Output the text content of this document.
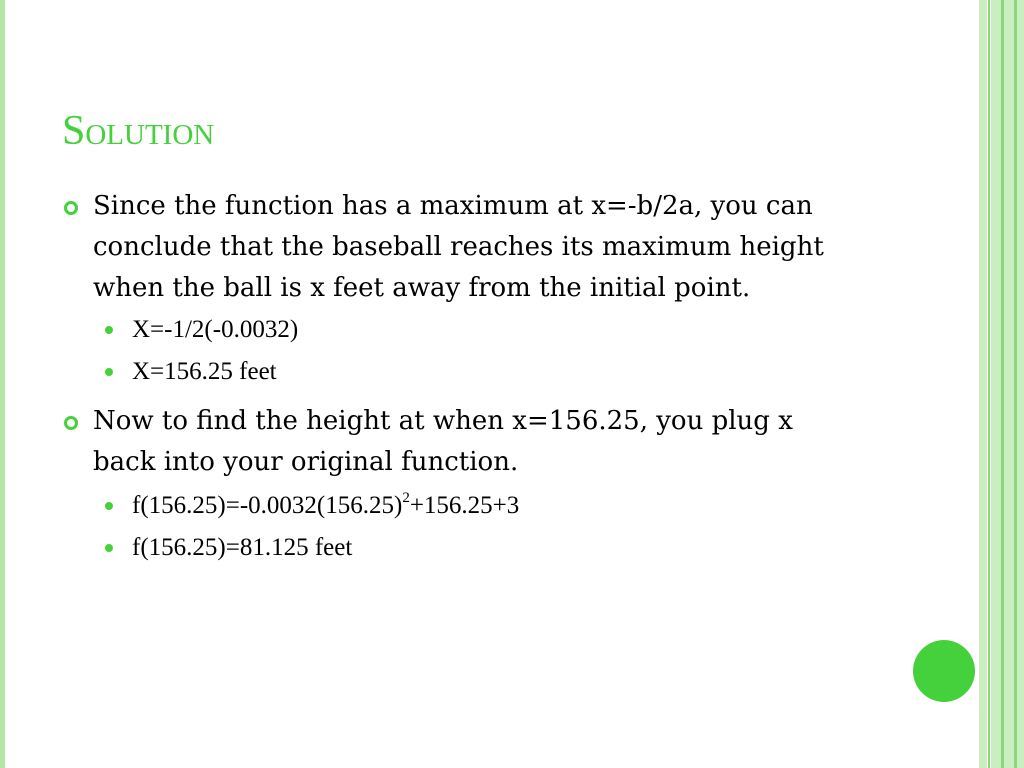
Solution
Since the function has a maximum at x=-b/2a, you can conclude that the baseball reaches its maximum height when the ball is x feet away from the initial point.
X=-1/2(-0.0032)
X=156.25 feet
Now to find the height at when x=156.25, you plug x back into your original function.
$f(156.25)=-0.0032(156.25)^2+156.25+3$
f(156.25)=81.125 feet
